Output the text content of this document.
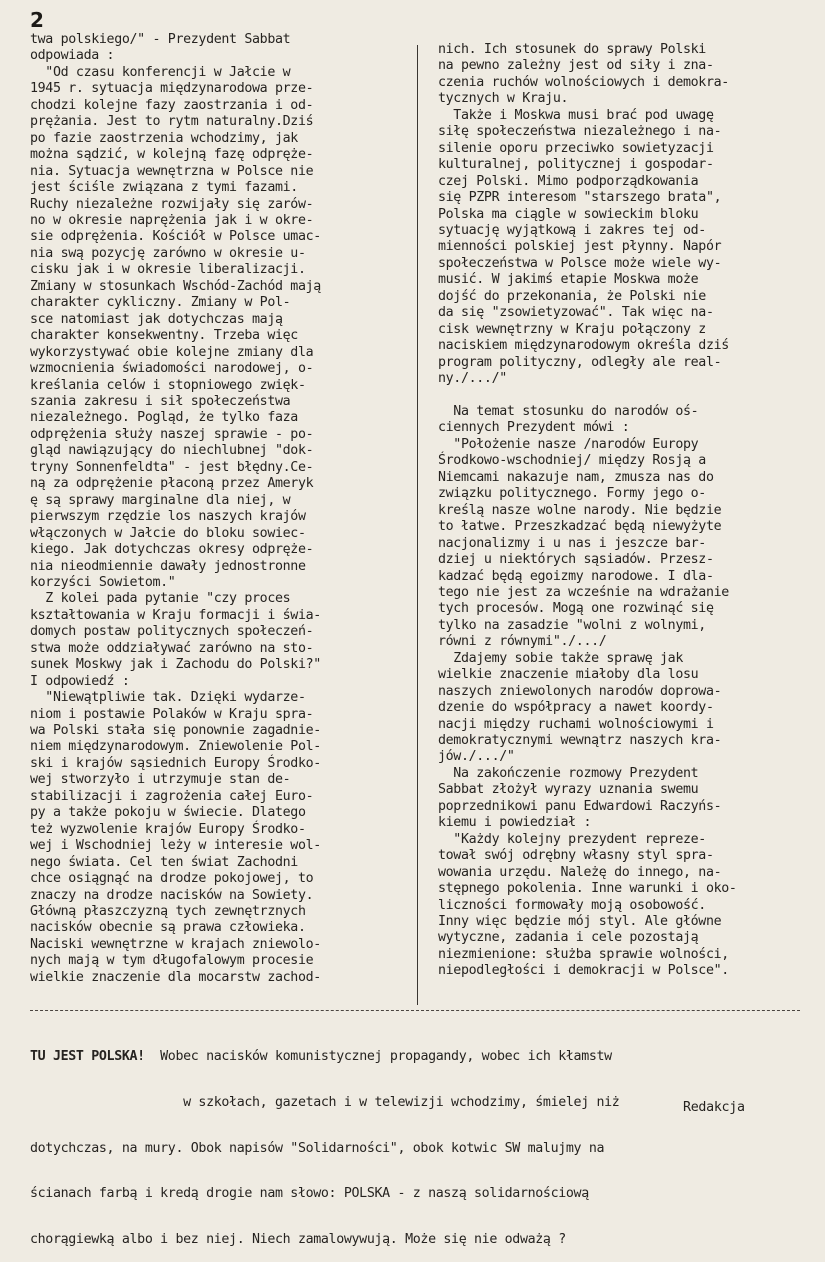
2
twa polskiego/" - Prezydent Sabbat
odpowiada :
"Od czasu konferencji w Jałcie w
1945 r. sytuacja międzynarodowa prze-
chodzi kolejne fazy zaostrzania i od-
prężania. Jest to rytm naturalny.Dziś
po fazie zaostrzenia wchodzimy, jak
można sądzić, w kolejną fazę odpręże-
nia. Sytuacja wewnętrzna w Polsce nie
jest ściśle związana z tymi fazami.
Ruchy niezależne rozwijały się zarów-
no w okresie naprężenia jak i w okre-
sie odprężenia. Kościół w Polsce umac-
nia swą pozycję zarówno w okresie u-
cisku jak i w okresie liberalizacji.
Zmiany w stosunkach Wschód-Zachód mają
charakter cykliczny. Zmiany w Pol-
sce natomiast jak dotychczas mają
charakter konsekwentny. Trzeba więc
wykorzystywać obie kolejne zmiany dla
wzmocnienia świadomości narodowej, o-
kreślania celów i stopniowego zwięk-
szania zakresu i sił społeczeństwa
niezależnego. Pogląd, że tylko faza
odprężenia służy naszej sprawie - po-
gląd nawiązujący do niechlubnej "dok-
tryny Sonnenfeldta" - jest błędny.Ce-
ną za odprężenie płaconą przez Ameryk
ę są sprawy marginalne dla niej, w
pierwszym rzędzie los naszych krajów
włączonych w Jałcie do bloku sowiec-
kiego. Jak dotychczas okresy odpręże-
nia nieodmiennie dawały jednostronne
korzyści Sowietom."
Z kolei pada pytanie "czy proces
kształtowania w Kraju formacji i świa-
domych postaw politycznych społeczeń-
stwa może oddziaływać zarówno na sto-
sunek Moskwy jak i Zachodu do Polski?"
I odpowiedź :
"Niewątpliwie tak. Dzięki wydarze-
niom i postawie Polaków w Kraju spra-
wa Polski stała się ponownie zagadnie-
niem międzynarodowym. Zniewolenie Pol-
ski i krajów sąsiednich Europy Środko-
wej stworzyło i utrzymuje stan de-
stabilizacji i zagrożenia całej Euro-
py a także pokoju w świecie. Dlatego
też wyzwolenie krajów Europy Środko-
wej i Wschodniej leży w interesie wol-
nego świata. Cel ten świat Zachodni
chce osiągnąć na drodze pokojowej, to
znaczy na drodze nacisków na Sowiety.
Główną płaszczyzną tych zewnętrznych
nacisków obecnie są prawa człowieka.
Naciski wewnętrzne w krajach zniewolo-
nych mają w tym długofalowym procesie
wielkie znaczenie dla mocarstw zachod-
nich. Ich stosunek do sprawy Polski
na pewno zależny jest od siły i zna-
czenia ruchów wolnościowych i demokra-
tycznych w Kraju.
Także i Moskwa musi brać pod uwagę
siłę społeczeństwa niezależnego i na-
silenie oporu przeciwko sowietyzacji
kulturalnej, politycznej i gospodar-
czej Polski. Mimo podporządkowania
się PZPR interesom "starszego brata",
Polska ma ciągle w sowieckim bloku
sytuację wyjątkową i zakres tej od-
mienności polskiej jest płynny. Napór
społeczeństwa w Polsce może wiele wy-
musić. W jakimś etapie Moskwa może
dojść do przekonania, że Polski nie
da się "zsowietyzować". Tak więc na-
cisk wewnętrzny w Kraju połączony z
naciskiem międzynarodowym określa dziś
program polityczny, odległy ale real-
ny./.../"

Na temat stosunku do narodów oś-
ciennych Prezydent mówi :
"Położenie nasze /narodów Europy
Środkowo-wschodniej/ między Rosją a
Niemcami nakazuje nam, zmusza nas do
związku politycznego. Formy jego o-
kreślą nasze wolne narody. Nie będzie
to łatwe. Przeszkadzać będą niewyżyte
nacjonalizmy i u nas i jeszcze bar-
dziej u niektórych sąsiadów. Przesz-
kadzać będą egoizmy narodowe. I dla-
tego nie jest za wcześnie na wdrażanie
tych procesów. Mogą one rozwinąć się
tylko na zasadzie "wolni z wolnymi,
równi z równymi"./.../
Zdajemy sobie także sprawę jak
wielkie znaczenie miałoby dla losu
naszych zniewolonych narodów doprowa-
dzenie do współpracy a nawet koordy-
nacji między ruchami wolnościowymi i
demokratycznymi wewnątrz naszych kra-
jów./.../"
Na zakończenie rozmowy Prezydent
Sabbat złożył wyrazy uznania swemu
poprzednikowi panu Edwardowi Raczyńs-
kiemu i powiedział :
"Każdy kolejny prezydent repreze-
tował swój odrębny własny styl spra-
wowania urzędu. Należę do innego, na-
stępnego pokolenia. Inne warunki i oko-
liczności formowały moją osobowość.
Inny więc będzie mój styl. Ale główne
wytyczne, zadania i cele pozostają
niezmienione: służba sprawie wolności,
niepodległości i demokracji w Polsce".

TU JEST POLSKA!  Wobec nacisków komunistycznej propagandy, wobec ich kłamstw

w szkołach, gazetach i w telewizji wchodzimy, śmielej niż

dotychczas, na mury. Obok napisów "Solidarności", obok kotwic SW malujmy na

ścianach farbą i kredą drogie nam słowo: POLSKA - z naszą solidarnościową

chorągiewką albo i bez niej. Niech zamalowywują. Może się nie odważą ?

Redakcja
